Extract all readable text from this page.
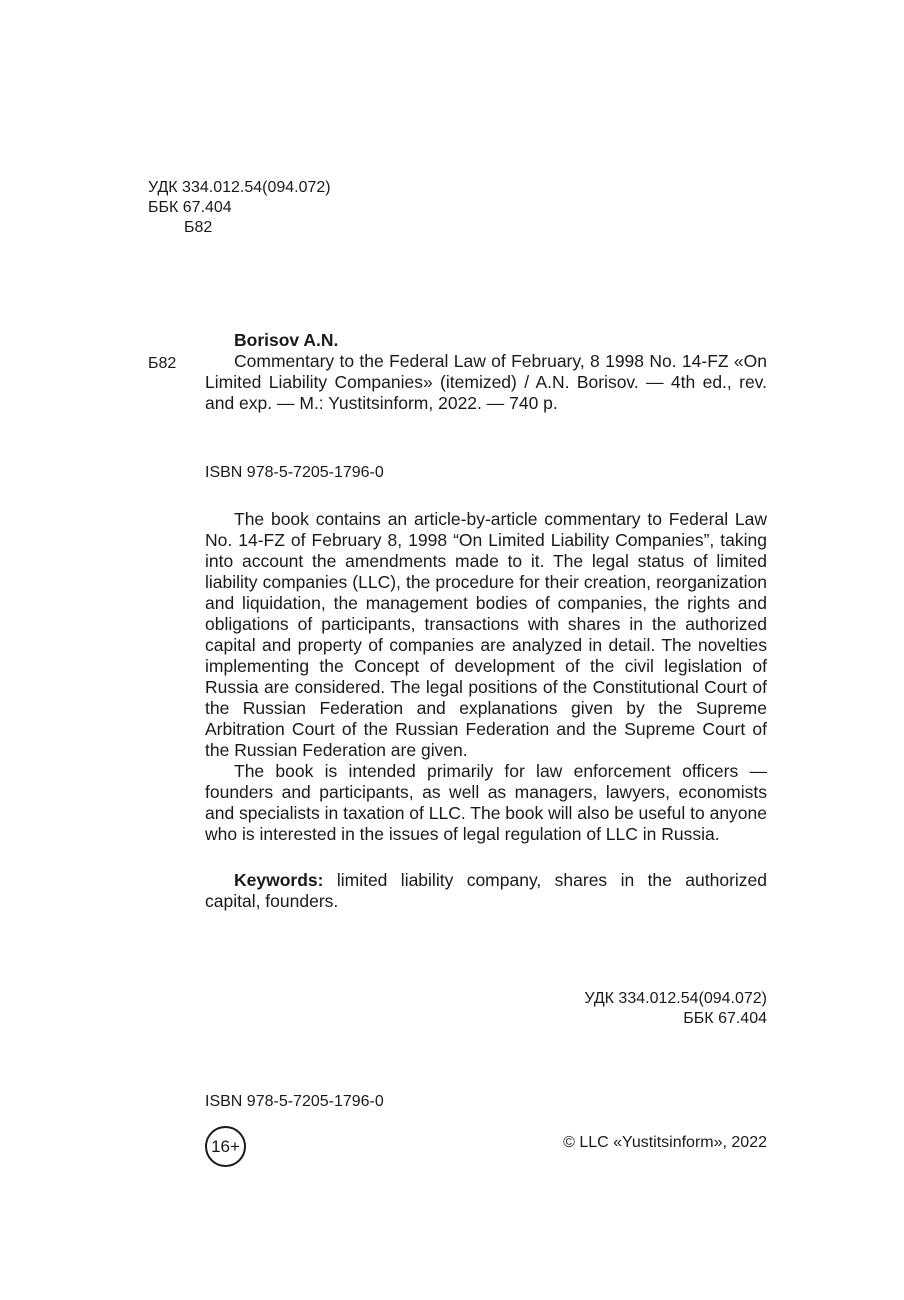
УДК 334.012.54(094.072)
ББК 67.404
Б82
Borisov A.N.
Б82	Commentary to the Federal Law of February, 8 1998 No. 14-FZ «On Limited Liability Companies» (itemized) / A.N. Borisov. — 4th ed., rev. and exp. — M.: Yustitsinform, 2022. — 740 p.

ISBN 978-5-7205-1796-0

The book contains an article-by-article commentary to Federal Law No. 14-FZ of February 8, 1998 “On Limited Liability Companies”, taking into account the amendments made to it. The legal status of limited liability companies (LLC), the procedure for their creation, reorganization and liquidation, the management bodies of companies, the rights and obligations of participants, transactions with shares in the authorized capital and property of companies are analyzed in detail. The novelties implementing the Concept of development of the civil legislation of Russia are considered. The legal positions of the Constitutional Court of the Russian Federation and explanations given by the Supreme Arbitration Court of the Russian Federation and the Supreme Court of the Russian Federation are given.

The book is intended primarily for law enforcement officers — founders and participants, as well as managers, lawyers, economists and specialists in taxation of LLC. The book will also be useful to anyone who is interested in the issues of legal regulation of LLC in Russia.

Keywords: limited liability company, shares in the authorized capital, founders.

УДК 334.012.54(094.072)
ББК 67.404
ISBN 978-5-7205-1796-0
16+	© LLC «Yustitsinform», 2022
